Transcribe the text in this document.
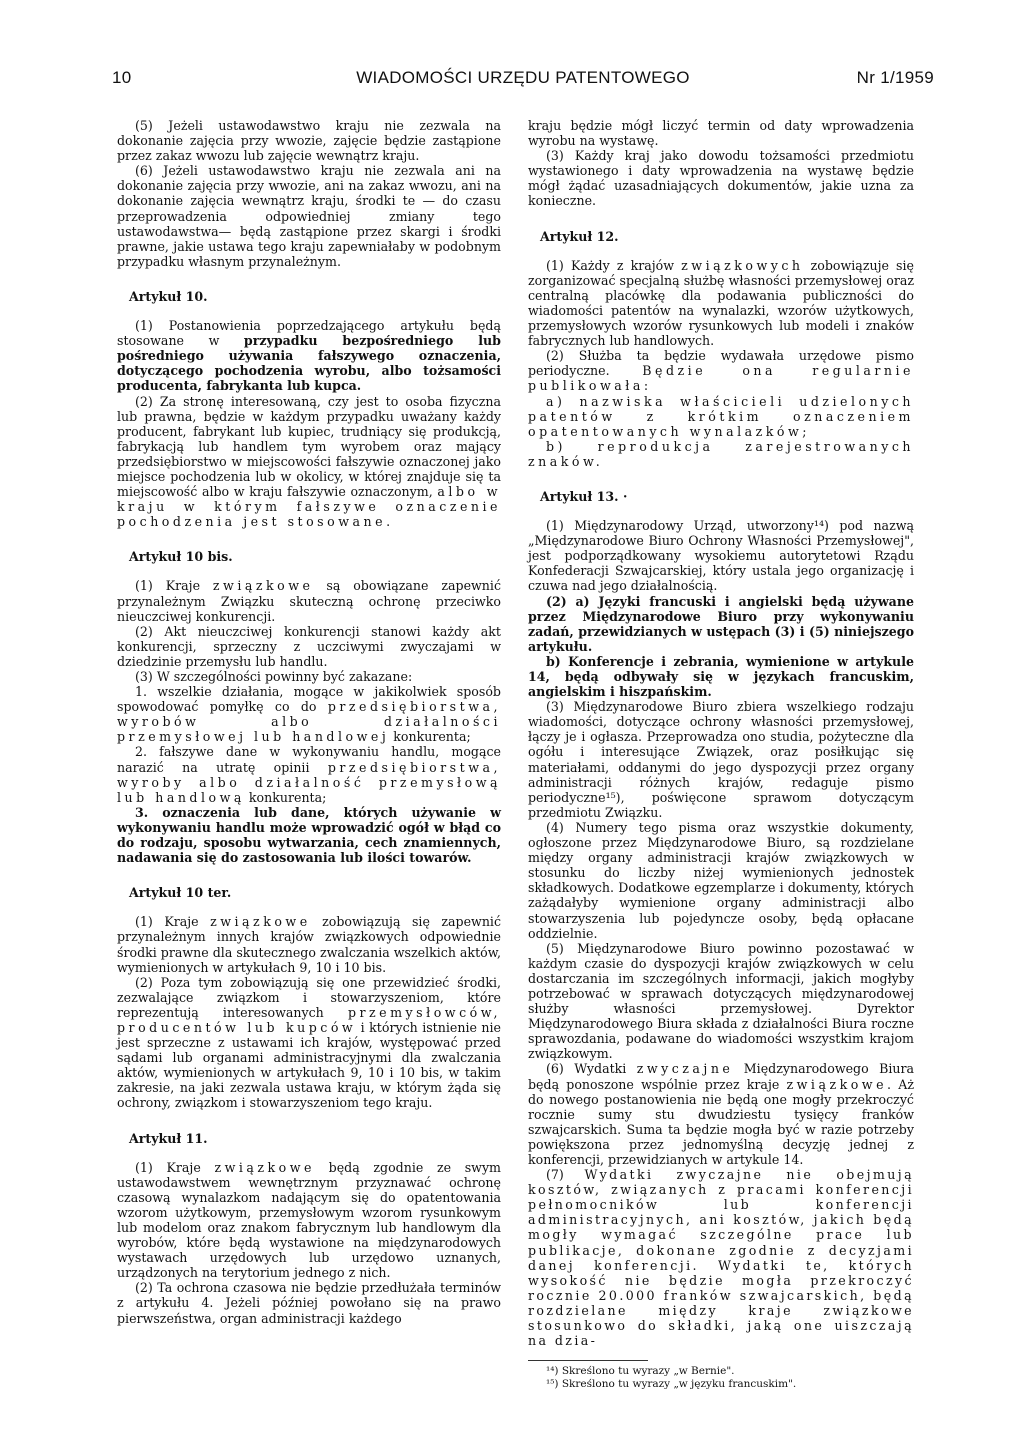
10	WIADOMOŚCI URZĘDU PATENTOWEGO	Nr 1/1959

(5) Jeżeli ustawodawstwo kraju nie zezwala na dokonanie zajęcia przy wwozie, zajęcie będzie zastąpione przez zakaz wwozu lub zajęcie wewnątrz kraju.

(6) Jeżeli ustawodawstwo kraju nie zezwala ani na dokonanie zajęcia przy wwozie, ani na zakaz wwozu, ani na dokonanie zajęcia wewnątrz kraju, środki te — do czasu przeprowadzenia odpowiedniej zmiany tego ustawodawstwa— będą zastąpione przez skargi i środki prawne, jakie ustawa tego kraju zapewniałaby w podobnym przypadku własnym przynależnym.

Artykuł 10.

(1) Postanowienia poprzedzającego artykułu będą stosowane w przypadku bezpośredniego lub pośredniego używania fałszywego oznaczenia, dotyczącego pochodzenia wyrobu, albo tożsamości producenta, fabrykanta lub kupca.

(2) Za stronę interesowaną, czy jest to osoba fizyczna lub prawna, będzie w każdym przypadku uważany każdy producent, fabrykant lub kupiec, trudniący się produkcją, fabrykacją lub handlem tym wyrobem oraz mający przedsiębiorstwo w miejscowości fałszywie oznaczonej jako miejsce pochodzenia lub w okolicy, w której znajduje się ta miejscowość albo w kraju fałszywie oznaczonym, albo w kraju w którym fałszywe oznaczenie pochodzenia jest stosowane.

Artykuł 10 bis.

(1) Kraje związkowe są obowiązane zapewnić przynależnym Związku skuteczną ochronę przeciwko nieuczciwej konkurencji.

(2) Akt nieuczciwej konkurencji stanowi każdy akt konkurencji, sprzeczny z uczciwymi zwyczajami w dziedzinie przemysłu lub handlu.

(3) W szczególności powinny być zakazane:

1. wszelkie działania, mogące w jakikolwiek sposób spowodować pomyłkę co do przedsiębiorstwa, wyrobów albo działalności przemysłowej lub handlowej konkurenta;

2. fałszywe dane w wykonywaniu handlu, mogące narazić na utratę opinii przedsiębiorstwa, wyroby albo działalność przemysłową lub handlową konkurenta;

3. oznaczenia lub dane, których używanie w wykonywaniu handlu może wprowadzić ogół w błąd co do rodzaju, sposobu wytwarzania, cech znamiennych, nadawania się do zastosowania lub ilości towarów.

Artykuł 10 ter.

(1) Kraje związkowe zobowiązują się zapewnić przynależnym innych krajów związkowych odpowiednie środki prawne dla skutecznego zwalczania wszelkich aktów, wymienionych w artykułach 9, 10 i 10 bis.

(2) Poza tym zobowiązują się one przewidzieć środki, zezwalające związkom i stowarzyszeniom, które reprezentują interesowanych przemysłowców, producentów lub kupców i których istnienie nie jest sprzeczne z ustawami ich krajów, występować przed sądami lub organami administracyjnymi dla zwalczania aktów, wymienionych w artykułach 9, 10 i 10 bis, w takim zakresie, na jaki zezwala ustawa kraju, w którym żąda się ochrony, związkom i stowarzyszeniom tego kraju.

Artykuł 11.

(1) Kraje związkowe będą zgodnie ze swym ustawodawstwem wewnętrznym przyznawać ochronę czasową wynalazkom nadającym się do opatentowania wzorom użytkowym, przemysłowym wzorom rysunkowym lub modelom oraz znakom fabrycznym lub handlowym dla wyrobów, które będą wystawione na międzynarodowych wystawach urzędowych lub urzędowo uznanych, urządzonych na terytorium jednego z nich.

(2) Ta ochrona czasowa nie będzie przedłużała terminów z artykułu 4. Jeżeli później powołano się na prawo pierwszeństwa, organ administracji każdego

kraju będzie mógł liczyć termin od daty wprowadzenia wyrobu na wystawę.

(3) Każdy kraj jako dowodu tożsamości przedmiotu wystawionego i daty wprowadzenia na wystawę będzie mógł żądać uzasadniających dokumentów, jakie uzna za konieczne.

Artykuł 12.

(1) Każdy z krajów związkowych zobowiązuje się zorganizować specjalną służbę własności przemysłowej oraz centralną placówkę dla podawania publiczności do wiadomości patentów na wynalazki, wzorów użytkowych, przemysłowych wzorów rysunkowych lub modeli i znaków fabrycznych lub handlowych.

(2) Służba ta będzie wydawała urzędowe pismo periodyczne. Będzie ona regularnie publikowała:

a) nazwiska właścicieli udzielonych patentów z krótkim oznaczeniem opatentowanych wynalazków;

b) reprodukcja zarejestrowanych znaków.

Artykuł 13. ·

(1) Międzynarodowy Urząd, utworzony¹⁴) pod nazwą „Międzynarodowe Biuro Ochrony Własności Przemysłowej", jest podporządkowany wysokiemu autorytetowi Rządu Konfederacji Szwajcarskiej, który ustala jego organizację i czuwa nad jego działalnością.

(2) a) Języki francuski i angielski będą używane przez Międzynarodowe Biuro przy wykonywaniu zadań, przewidzianych w ustępach (3) i (5) niniejszego artykułu.

b) Konferencje i zebrania, wymienione w artykule 14, będą odbywały się w językach francuskim, angielskim i hiszpańskim.

(3) Międzynarodowe Biuro zbiera wszelkiego rodzaju wiadomości, dotyczące ochrony własności przemysłowej, łączy je i ogłasza. Przeprowadza ono studia, pożyteczne dla ogółu i interesujące Związek, oraz posiłkując się materiałami, oddanymi do jego dyspozycji przez organy administracji różnych krajów, redaguje pismo periodyczne¹⁵), poświęcone sprawom dotyczącym przedmiotu Związku.

(4) Numery tego pisma oraz wszystkie dokumenty, ogłoszone przez Międzynarodowe Biuro, są rozdzielane między organy administracji krajów związkowych w stosunku do liczby niżej wymienionych jednostek składkowych. Dodatkowe egzemplarze i dokumenty, których zażądałyby wymienione organy administracji albo stowarzyszenia lub pojedyncze osoby, będą opłacane oddzielnie.

(5) Międzynarodowe Biuro powinno pozostawać w każdym czasie do dyspozycji krajów związkowych w celu dostarczania im szczególnych informacji, jakich mogłyby potrzebować w sprawach dotyczących międzynarodowej służby własności przemysłowej. Dyrektor Międzynarodowego Biura składa z działalności Biura roczne sprawozdania, podawane do wiadomości wszystkim krajom związkowym.

(6) Wydatki zwyczajne Międzynarodowego Biura będą ponoszone wspólnie przez kraje związkowe. Aż do nowego postanowienia nie będą one mogły przekroczyć rocznie sumy stu dwudziestu tysięcy franków szwajcarskich. Suma ta będzie mogła być w razie potrzeby powiększona przez jednomyślną decyzję jednej z konferencji, przewidzianych w artykule 14.

(7) Wydatki zwyczajne nie obejmują kosztów, związanych z pracami konferencji pełnomocników lub konferencji administracyjnych, ani kosztów, jakich będą mogły wymagać szczególne prace lub publikacje, dokonane zgodnie z decyzjami danej konferencji. Wydatki te, których wysokość nie będzie mogła przekroczyć rocznie 20.000 franków szwajcarskich, będą rozdzielane między kraje związkowe stosunkowo do składki, jaką one uiszczają na dzia-

¹⁴) Skreślono tu wyrazy „w Bernie".

¹⁵) Skreślono tu wyrazy „w języku francuskim".
